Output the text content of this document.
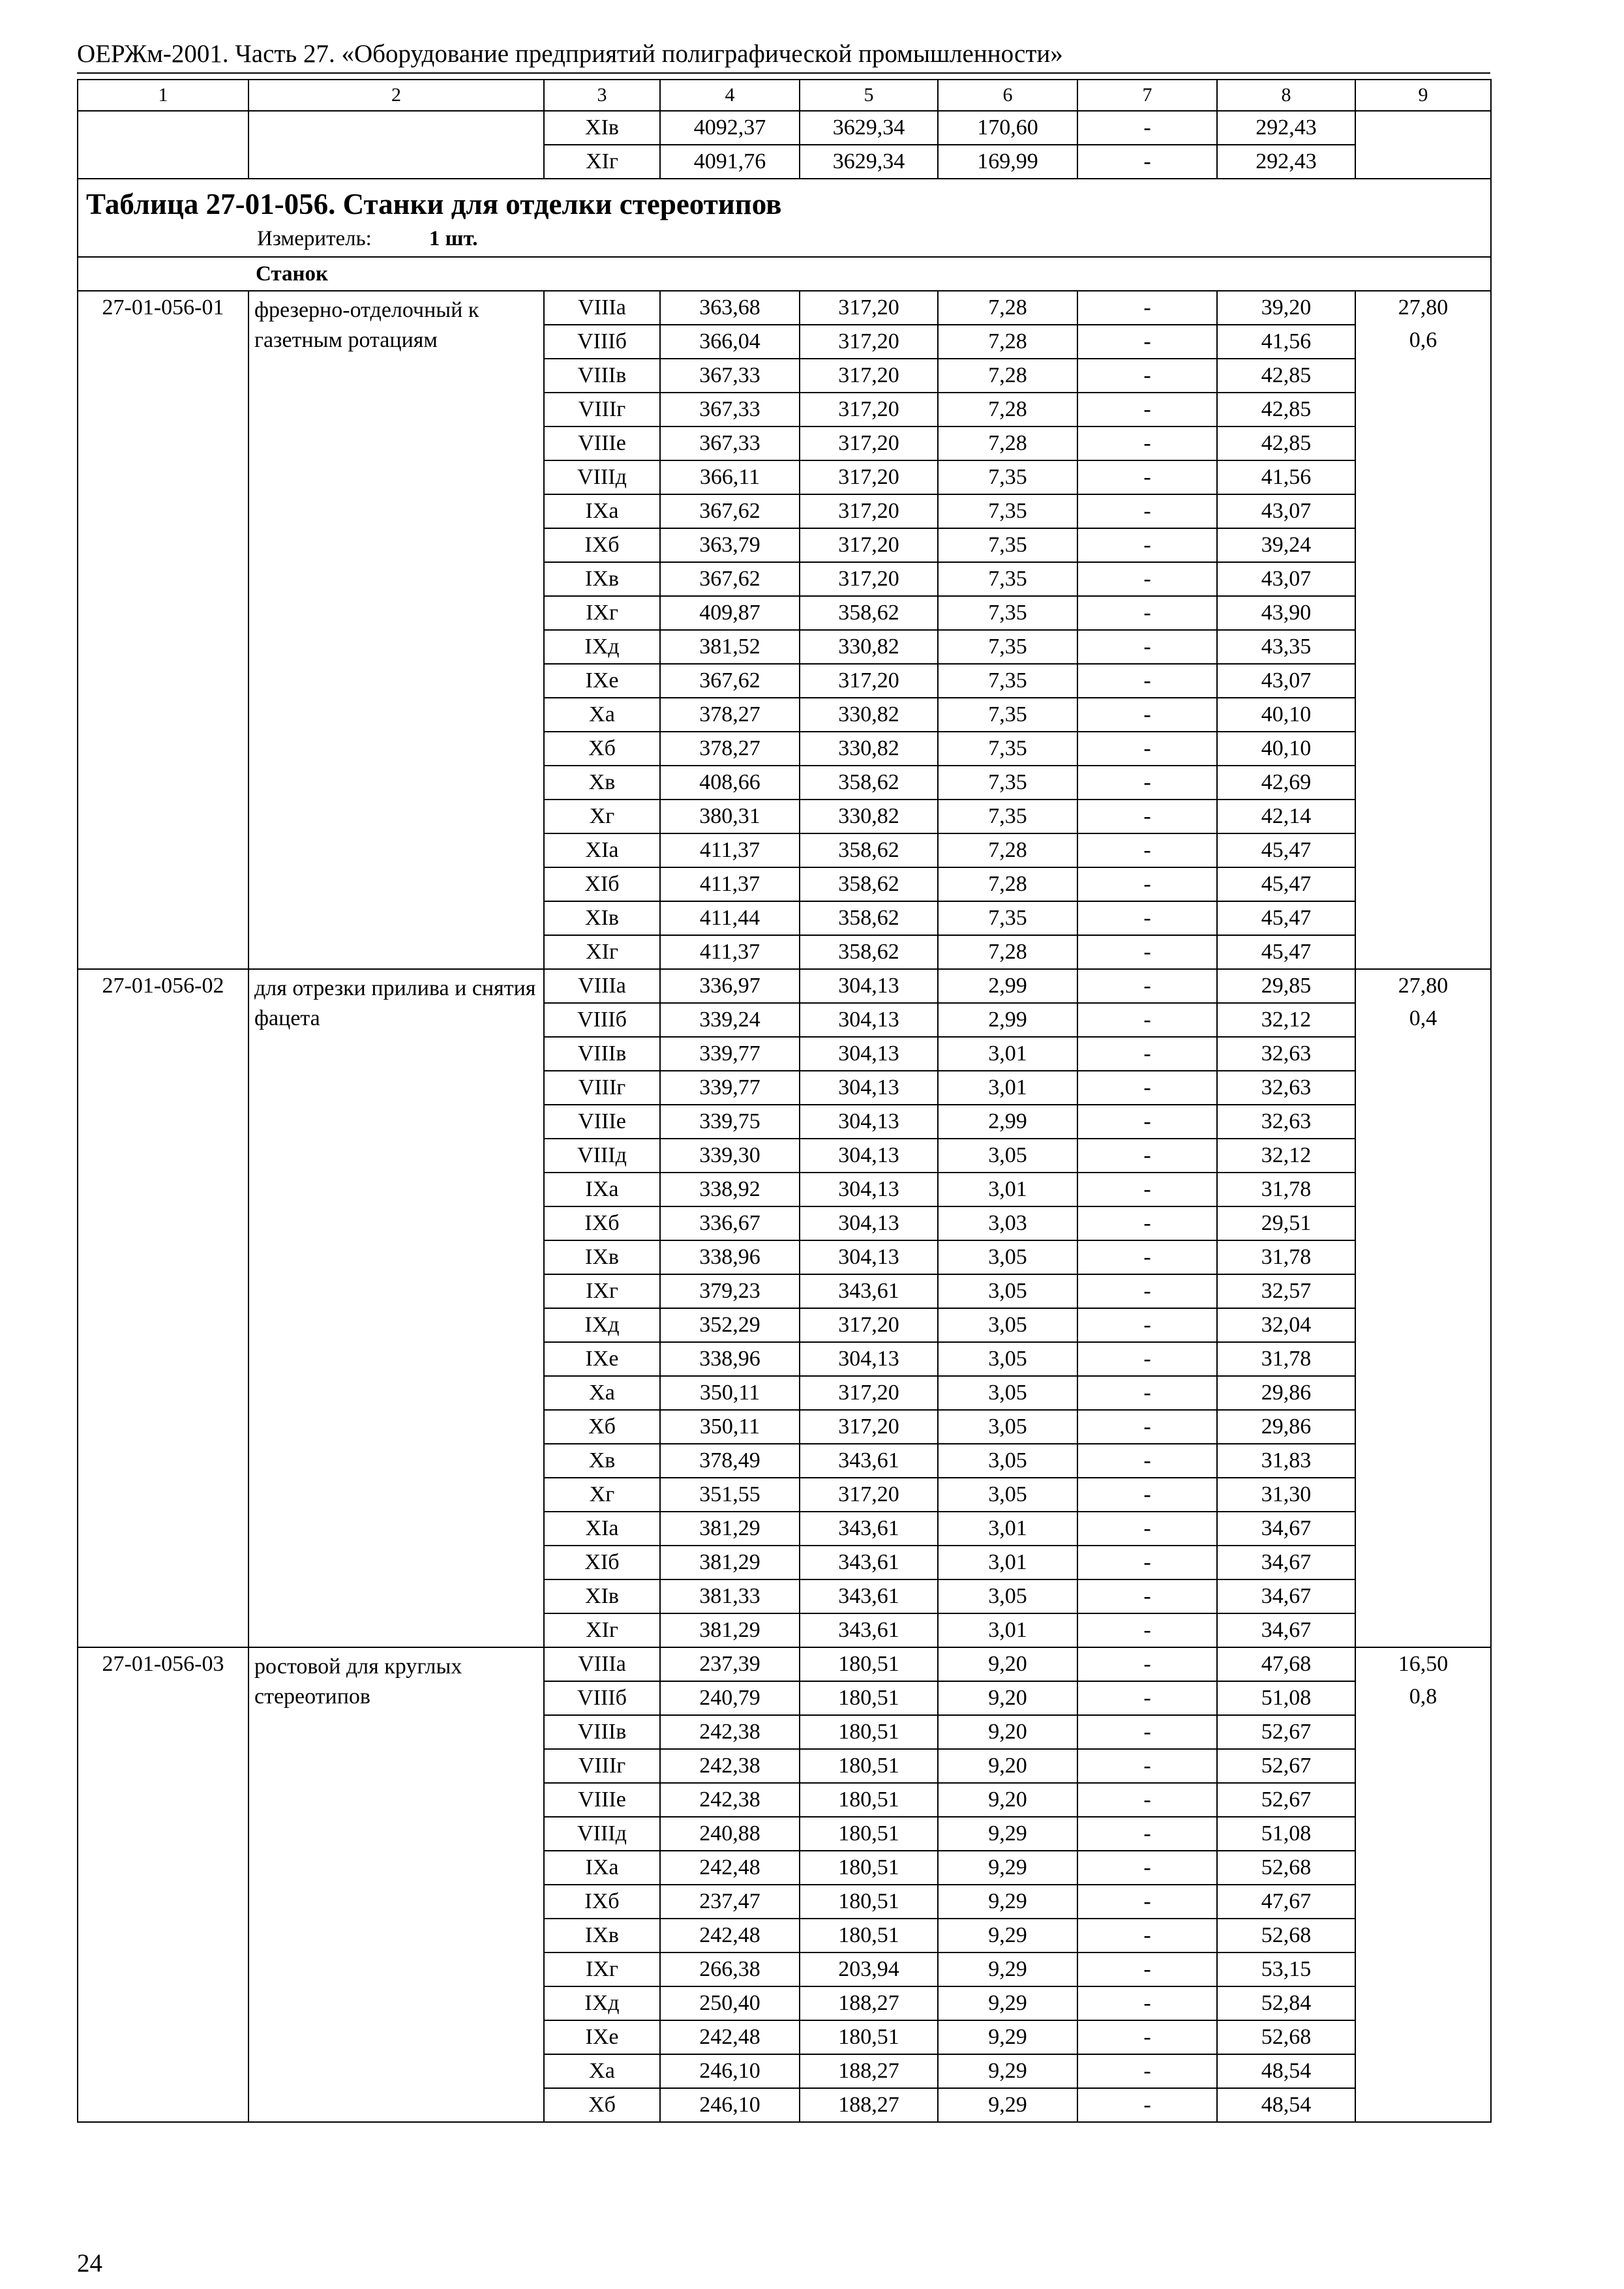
ОЕРЖм-2001. Часть 27. «Оборудование предприятий полиграфической промышленности»
1	2	3	4	5	6	7	8	9
		XIв	4092,37	3629,34	170,60	-	292,43	
		XIг	4091,76	3629,34	169,99	-	292,43	

Таблица 27-01-056. Станки для отделки стереотипов
Измеритель: 1 шт.								

Станок								
27-01-056-01	фрезерно-отделочный к газетным ротациям	VIIIа	363,68	317,20	7,28	-	39,20	27,80
0,6

		VIIIб	366,04	317,20	7,28	-	41,56	
		VIIIв	367,33	317,20	7,28	-	42,85	
		VIIIг	367,33	317,20	7,28	-	42,85	
		VIIIе	367,33	317,20	7,28	-	42,85	
		VIIIд	366,11	317,20	7,35	-	41,56	
		IXа	367,62	317,20	7,35	-	43,07	
		IXб	363,79	317,20	7,35	-	39,24	
		IXв	367,62	317,20	7,35	-	43,07	
		IXг	409,87	358,62	7,35	-	43,90	
		IXд	381,52	330,82	7,35	-	43,35	
		IXе	367,62	317,20	7,35	-	43,07	
		Xа	378,27	330,82	7,35	-	40,10	
		Xб	378,27	330,82	7,35	-	40,10	
		Xв	408,66	358,62	7,35	-	42,69	
		Xг	380,31	330,82	7,35	-	42,14	
		XIа	411,37	358,62	7,28	-	45,47	
		XIб	411,37	358,62	7,28	-	45,47	
		XIв	411,44	358,62	7,35	-	45,47	
		XIг	411,37	358,62	7,28	-	45,47	
27-01-056-02	для отрезки прилива и снятия фацета	VIIIа	336,97	304,13	2,99	-	29,85	27,80
0,4

		VIIIб	339,24	304,13	2,99	-	32,12	
		VIIIв	339,77	304,13	3,01	-	32,63	
		VIIIг	339,77	304,13	3,01	-	32,63	
		VIIIе	339,75	304,13	2,99	-	32,63	
		VIIIд	339,30	304,13	3,05	-	32,12	
		IXа	338,92	304,13	3,01	-	31,78	
		IXб	336,67	304,13	3,03	-	29,51	
		IXв	338,96	304,13	3,05	-	31,78	
		IXг	379,23	343,61	3,05	-	32,57	
		IXд	352,29	317,20	3,05	-	32,04	
		IXе	338,96	304,13	3,05	-	31,78	
		Xа	350,11	317,20	3,05	-	29,86	
		Xб	350,11	317,20	3,05	-	29,86	
		Xв	378,49	343,61	3,05	-	31,83	
		Xг	351,55	317,20	3,05	-	31,30	
		XIа	381,29	343,61	3,01	-	34,67	
		XIб	381,29	343,61	3,01	-	34,67	
		XIв	381,33	343,61	3,05	-	34,67	
		XIг	381,29	343,61	3,01	-	34,67	
27-01-056-03	ростовой для круглых стереотипов	VIIIа	237,39	180,51	9,20	-	47,68	16,50
0,8

		VIIIб	240,79	180,51	9,20	-	51,08	
		VIIIв	242,38	180,51	9,20	-	52,67	
		VIIIг	242,38	180,51	9,20	-	52,67	
		VIIIе	242,38	180,51	9,20	-	52,67	
		VIIIд	240,88	180,51	9,29	-	51,08	
		IXа	242,48	180,51	9,29	-	52,68	
		IXб	237,47	180,51	9,29	-	47,67	
		IXв	242,48	180,51	9,29	-	52,68	
		IXг	266,38	203,94	9,29	-	53,15	
		IXд	250,40	188,27	9,29	-	52,84	
		IXе	242,48	180,51	9,29	-	52,68	
		Xа	246,10	188,27	9,29	-	48,54	
		Xб	246,10	188,27	9,29	-	48,54	
24
